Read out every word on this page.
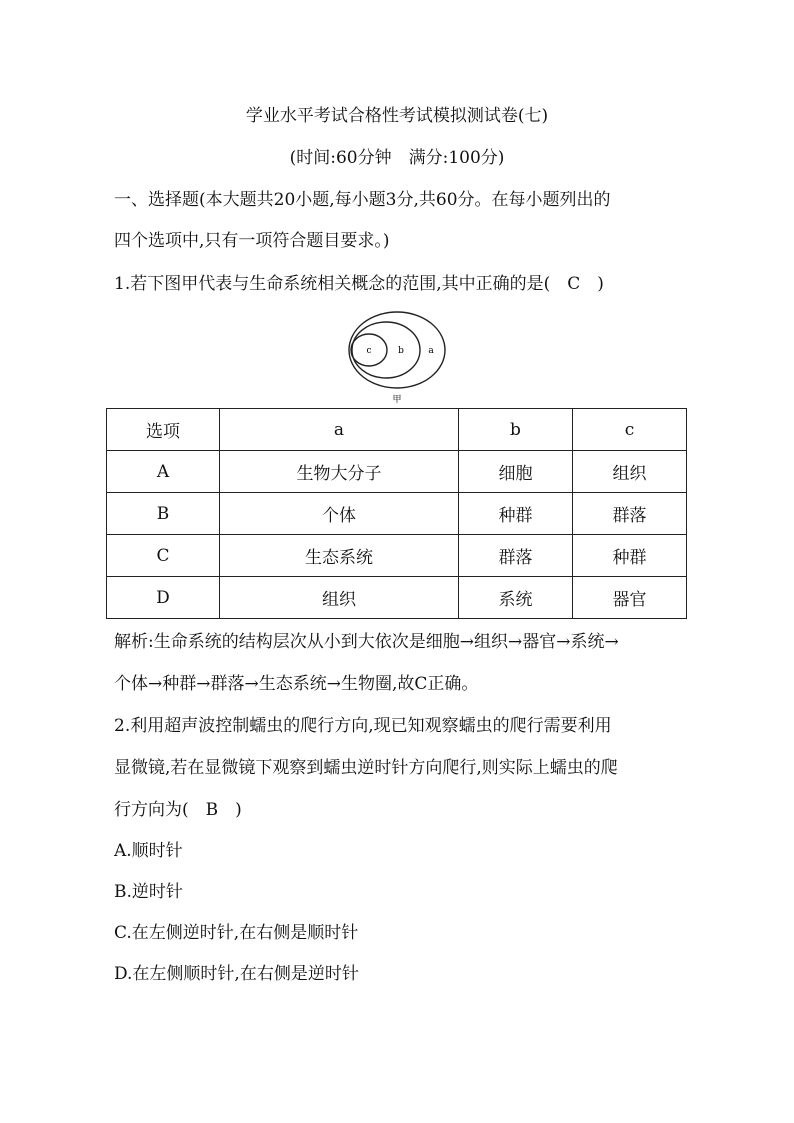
学业水平考试合格性考试模拟测试卷(七)
(时间:60分钟　满分:100分)
一、选择题(本大题共20小题,每小题3分,共60分。在每小题列出的
四个选项中,只有一项符合题目要求。)
1.若下图甲代表与生命系统相关概念的范围,其中正确的是(　C　)
c	b	a
甲
选项	a	b	c
A	生物大分子	细胞	组织
B	个体	种群	群落
C	生态系统	群落	种群
D	组织	系统	器官
解析:生命系统的结构层次从小到大依次是细胞→组织→器官→系统→
个体→种群→群落→生态系统→生物圈,故C正确。
2.利用超声波控制蠕虫的爬行方向,现已知观察蠕虫的爬行需要利用
显微镜,若在显微镜下观察到蠕虫逆时针方向爬行,则实际上蠕虫的爬
行方向为(　B　)
A.顺时针
B.逆时针
C.在左侧逆时针,在右侧是顺时针
D.在左侧顺时针,在右侧是逆时针
